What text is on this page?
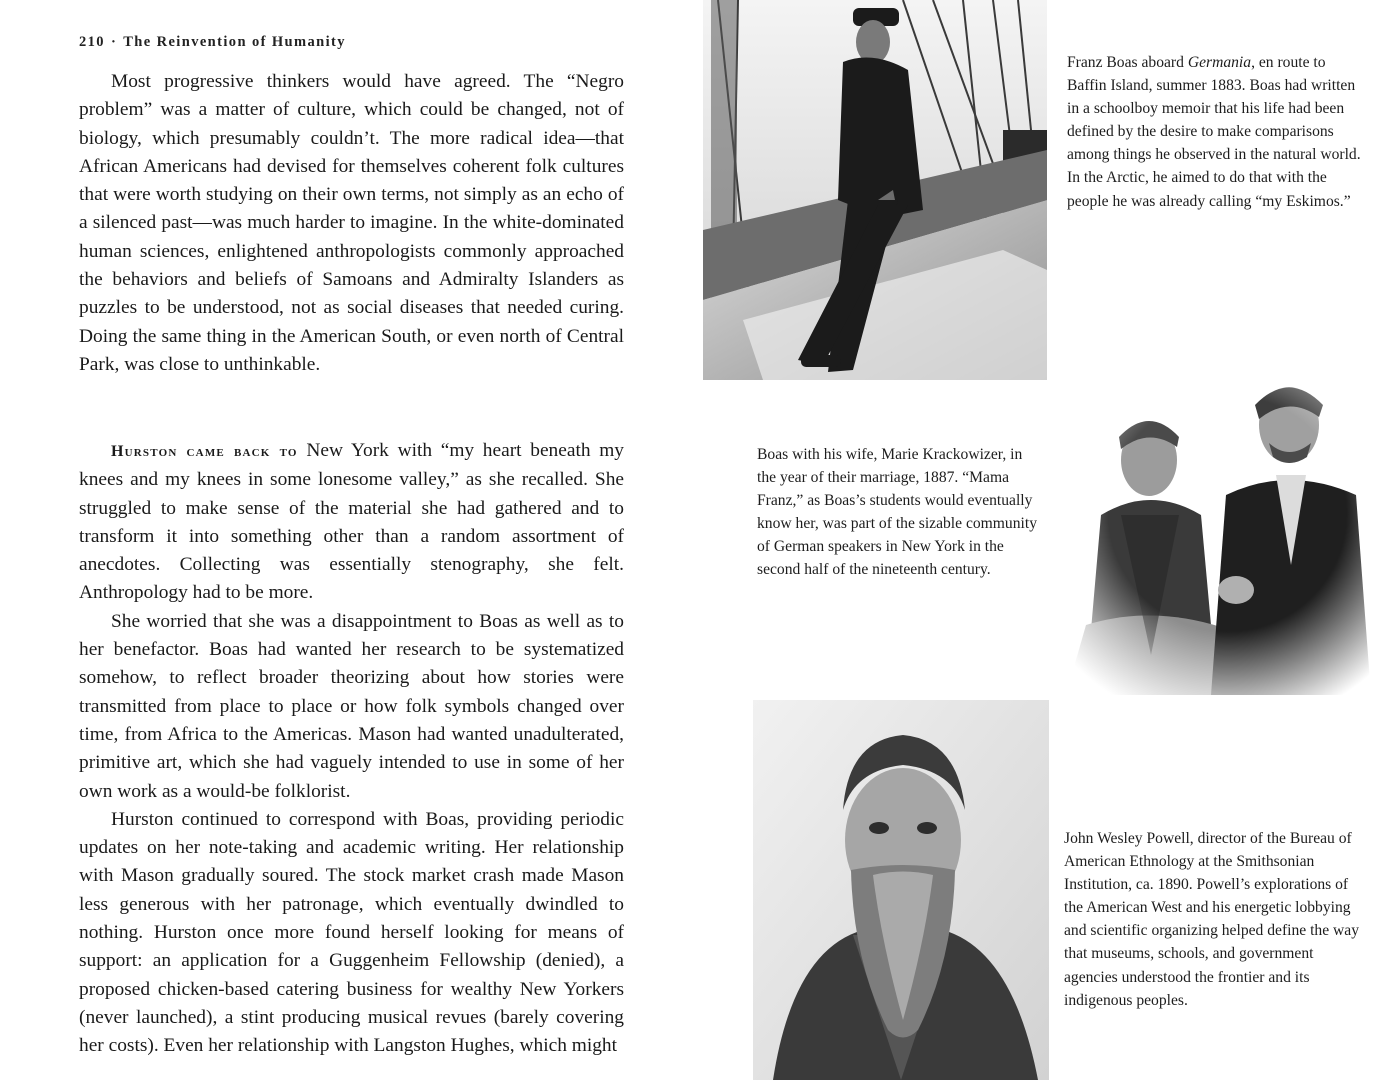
210 · The Reinvention of Humanity

Most progressive thinkers would have agreed. The “Negro problem” was a matter of culture, which could be changed, not of biology, which presumably couldn’t. The more radical idea—that African Americans had devised for themselves coherent folk cultures that were worth studying on their own terms, not simply as an echo of a silenced past—was much harder to imagine. In the white-dominated human sciences, enlightened anthropologists commonly approached the behaviors and beliefs of Samoans and Admiralty Islanders as puzzles to be understood, not as social diseases that needed curing. Doing the same thing in the American South, or even north of Central Park, was close to unthinkable.

Hurston came back to New York with “my heart beneath my knees and my knees in some lonesome valley,” as she recalled. She struggled to make sense of the material she had gathered and to transform it into something other than a random assortment of anecdotes. Collecting was essentially stenography, she felt. Anthropology had to be more.

She worried that she was a disappointment to Boas as well as to her benefactor. Boas had wanted her research to be systematized somehow, to reflect broader theorizing about how stories were transmitted from place to place or how folk symbols changed over time, from Africa to the Americas. Mason had wanted unadulterated, primitive art, which she had vaguely intended to use in some of her own work as a would-be folklorist.

Hurston continued to correspond with Boas, providing periodic updates on her note-taking and academic writing. Her relationship with Mason gradually soured. The stock market crash made Mason less generous with her patronage, which eventually dwindled to nothing. Hurston once more found herself looking for means of support: an application for a Guggenheim Fellowship (denied), a proposed chicken-based catering business for wealthy New Yorkers (never launched), a stint producing musical revues (barely covering her costs). Even her relationship with Langston Hughes, which might

Franz Boas aboard Germania, en route to Baffin Island, summer 1883. Boas had written in a schoolboy memoir that his life had been defined by the desire to make comparisons among things he observed in the natural world. In the Arctic, he aimed to do that with the people he was already calling “my Eskimos.”
Boas with his wife, Marie Krackowizer, in the year of their marriage, 1887. “Mama Franz,” as Boas’s students would eventually know her, was part of the sizable community of German speakers in New York in the second half of the nineteenth century.
John Wesley Powell, director of the Bureau of American Ethnology at the Smithsonian Institution, ca. 1890. Powell’s explorations of the American West and his energetic lobbying and scientific organizing helped define the way that museums, schools, and government agencies understood the frontier and its indigenous peoples.
